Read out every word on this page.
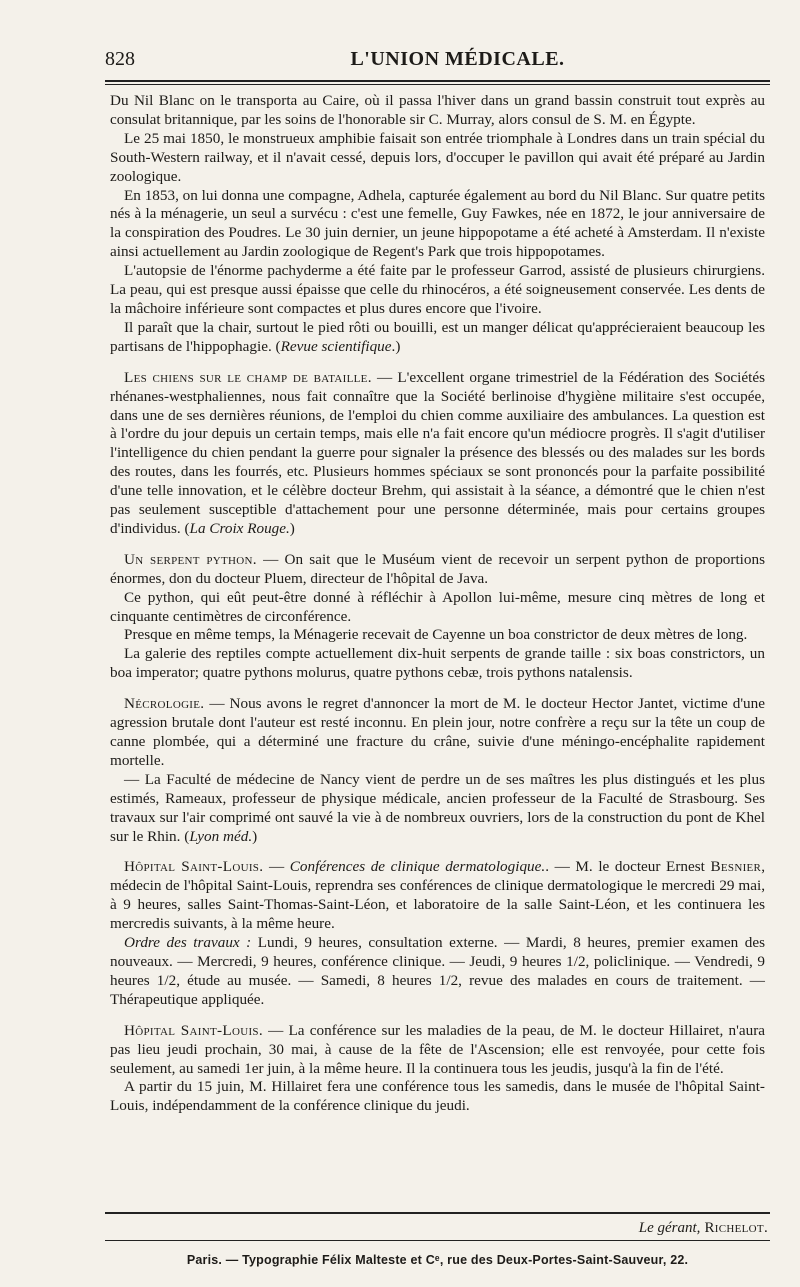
828	L'UNION MÉDICALE.

Du Nil Blanc on le transporta au Caire, où il passa l'hiver dans un grand bassin construit tout exprès au consulat britannique, par les soins de l'honorable sir C. Murray, alors consul de S. M. en Égypte.

Le 25 mai 1850, le monstrueux amphibie faisait son entrée triomphale à Londres dans un train spécial du South-Western railway, et il n'avait cessé, depuis lors, d'occuper le pavillon qui avait été préparé au Jardin zoologique.

En 1853, on lui donna une compagne, Adhela, capturée également au bord du Nil Blanc. Sur quatre petits nés à la ménagerie, un seul a survécu : c'est une femelle, Guy Fawkes, née en 1872, le jour anniversaire de la conspiration des Poudres. Le 30 juin dernier, un jeune hippopotame a été acheté à Amsterdam. Il n'existe ainsi actuellement au Jardin zoologique de Regent's Park que trois hippopotames.

L'autopsie de l'énorme pachyderme a été faite par le professeur Garrod, assisté de plusieurs chirurgiens. La peau, qui est presque aussi épaisse que celle du rhinocéros, a été soigneusement conservée. Les dents de la mâchoire inférieure sont compactes et plus dures encore que l'ivoire.

Il paraît que la chair, surtout le pied rôti ou bouilli, est un manger délicat qu'apprécieraient beaucoup les partisans de l'hippophagie. (Revue scientifique.)

Les chiens sur le champ de bataille. — L'excellent organe trimestriel de la Fédération des Sociétés rhénanes-westphaliennes, nous fait connaître que la Société berlinoise d'hygiène militaire s'est occupée, dans une de ses dernières réunions, de l'emploi du chien comme auxiliaire des ambulances. La question est à l'ordre du jour depuis un certain temps, mais elle n'a fait encore qu'un médiocre progrès. Il s'agit d'utiliser l'intelligence du chien pendant la guerre pour signaler la présence des blessés ou des malades sur les bords des routes, dans les fourrés, etc. Plusieurs hommes spéciaux se sont prononcés pour la parfaite possibilité d'une telle innovation, et le célèbre docteur Brehm, qui assistait à la séance, a démontré que le chien n'est pas seulement susceptible d'attachement pour une personne déterminée, mais pour certains groupes d'individus. (La Croix Rouge.)

Un serpent python. — On sait que le Muséum vient de recevoir un serpent python de proportions énormes, don du docteur Pluem, directeur de l'hôpital de Java.

Ce python, qui eût peut-être donné à réfléchir à Apollon lui-même, mesure cinq mètres de long et cinquante centimètres de circonférence.

Presque en même temps, la Ménagerie recevait de Cayenne un boa constrictor de deux mètres de long.

La galerie des reptiles compte actuellement dix-huit serpents de grande taille : six boas constrictors, un boa imperator; quatre pythons molurus, quatre pythons cebæ, trois pythons natalensis.

Nécrologie. — Nous avons le regret d'annoncer la mort de M. le docteur Hector Jantet, victime d'une agression brutale dont l'auteur est resté inconnu. En plein jour, notre confrère a reçu sur la tête un coup de canne plombée, qui a déterminé une fracture du crâne, suivie d'une méningo-encéphalite rapidement mortelle.

— La Faculté de médecine de Nancy vient de perdre un de ses maîtres les plus distingués et les plus estimés, Rameaux, professeur de physique médicale, ancien professeur de la Faculté de Strasbourg. Ses travaux sur l'air comprimé ont sauvé la vie à de nombreux ouvriers, lors de la construction du pont de Khel sur le Rhin. (Lyon méd.)

Hôpital Saint-Louis. — Conférences de clinique dermatologique.. — M. le docteur Ernest Besnier, médecin de l'hôpital Saint-Louis, reprendra ses conférences de clinique dermatologique le mercredi 29 mai, à 9 heures, salles Saint-Thomas-Saint-Léon, et laboratoire de la salle Saint-Léon, et les continuera les mercredis suivants, à la même heure.

Ordre des travaux : Lundi, 9 heures, consultation externe. — Mardi, 8 heures, premier examen des nouveaux. — Mercredi, 9 heures, conférence clinique. — Jeudi, 9 heures 1/2, policlinique. — Vendredi, 9 heures 1/2, étude au musée. — Samedi, 8 heures 1/2, revue des malades en cours de traitement. — Thérapeutique appliquée.

Hôpital Saint-Louis. — La conférence sur les maladies de la peau, de M. le docteur Hillairet, n'aura pas lieu jeudi prochain, 30 mai, à cause de la fête de l'Ascension; elle est renvoyée, pour cette fois seulement, au samedi 1er juin, à la même heure. Il la continuera tous les jeudis, jusqu'à la fin de l'été.

A partir du 15 juin, M. Hillairet fera une conférence tous les samedis, dans le musée de l'hôpital Saint-Louis, indépendamment de la conférence clinique du jeudi.

Le gérant, Richelot.
Paris. — Typographie Félix Malteste et Cᵉ, rue des Deux-Portes-Saint-Sauveur, 22.
